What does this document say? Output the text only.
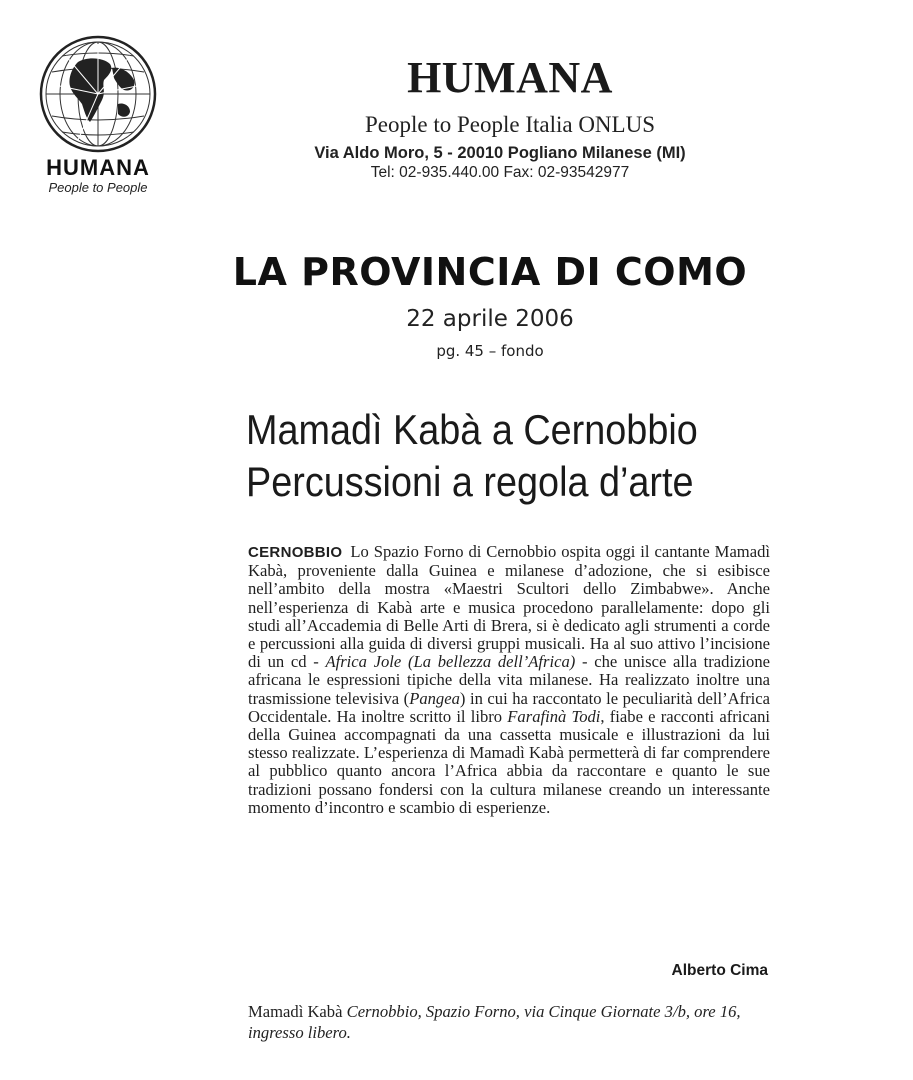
HUMANA
People to People
HUMANA
People to People Italia ONLUS
Via Aldo Moro, 5 - 20010 Pogliano Milanese (MI)
Tel: 02-935.440.00 Fax: 02-93542977
LA PROVINCIA DI COMO
22 aprile 2006
pg. 45 – fondo
Mamadì Kabà a Cernobbio
Percussioni a regola d’arte
CERNOBBIO Lo Spazio Forno di Cernobbio ospita oggi il cantante Mamadì Kabà, proveniente dalla Guinea e milanese d’adozione, che si esibisce nell’ambito della mostra «Maestri Scultori dello Zimbabwe». Anche nell’esperienza di Kabà arte e musica procedono parallelamente: dopo gli studi all’Accademia di Belle Arti di Brera, si è dedicato agli strumenti a corde e percussioni alla guida di diversi gruppi musicali. Ha al suo attivo l’incisione di un cd - Africa Jole (La bellezza dell’Africa) - che unisce alla tradizione africana le espressioni tipiche della vita milanese. Ha realizzato inoltre una trasmissione televisiva (Pangea) in cui ha raccontato le peculiarità dell’Africa Occidentale. Ha inoltre scritto il libro Farafinà Todi, fiabe e racconti africani della Guinea accompagnati da una cassetta musicale e illustrazioni da lui stesso realizzate. L’esperienza di Mamadì Kabà permetterà di far comprendere al pubblico quanto ancora l’Africa abbia da raccontare e quanto le sue tradizioni possano fondersi con la cultura milanese creando un interessante momento d’incontro e scambio di esperienze.
Alberto Cima
Mamadì Kabà Cernobbio, Spazio Forno, via Cinque Giornate 3/b, ore 16, ingresso libero.
